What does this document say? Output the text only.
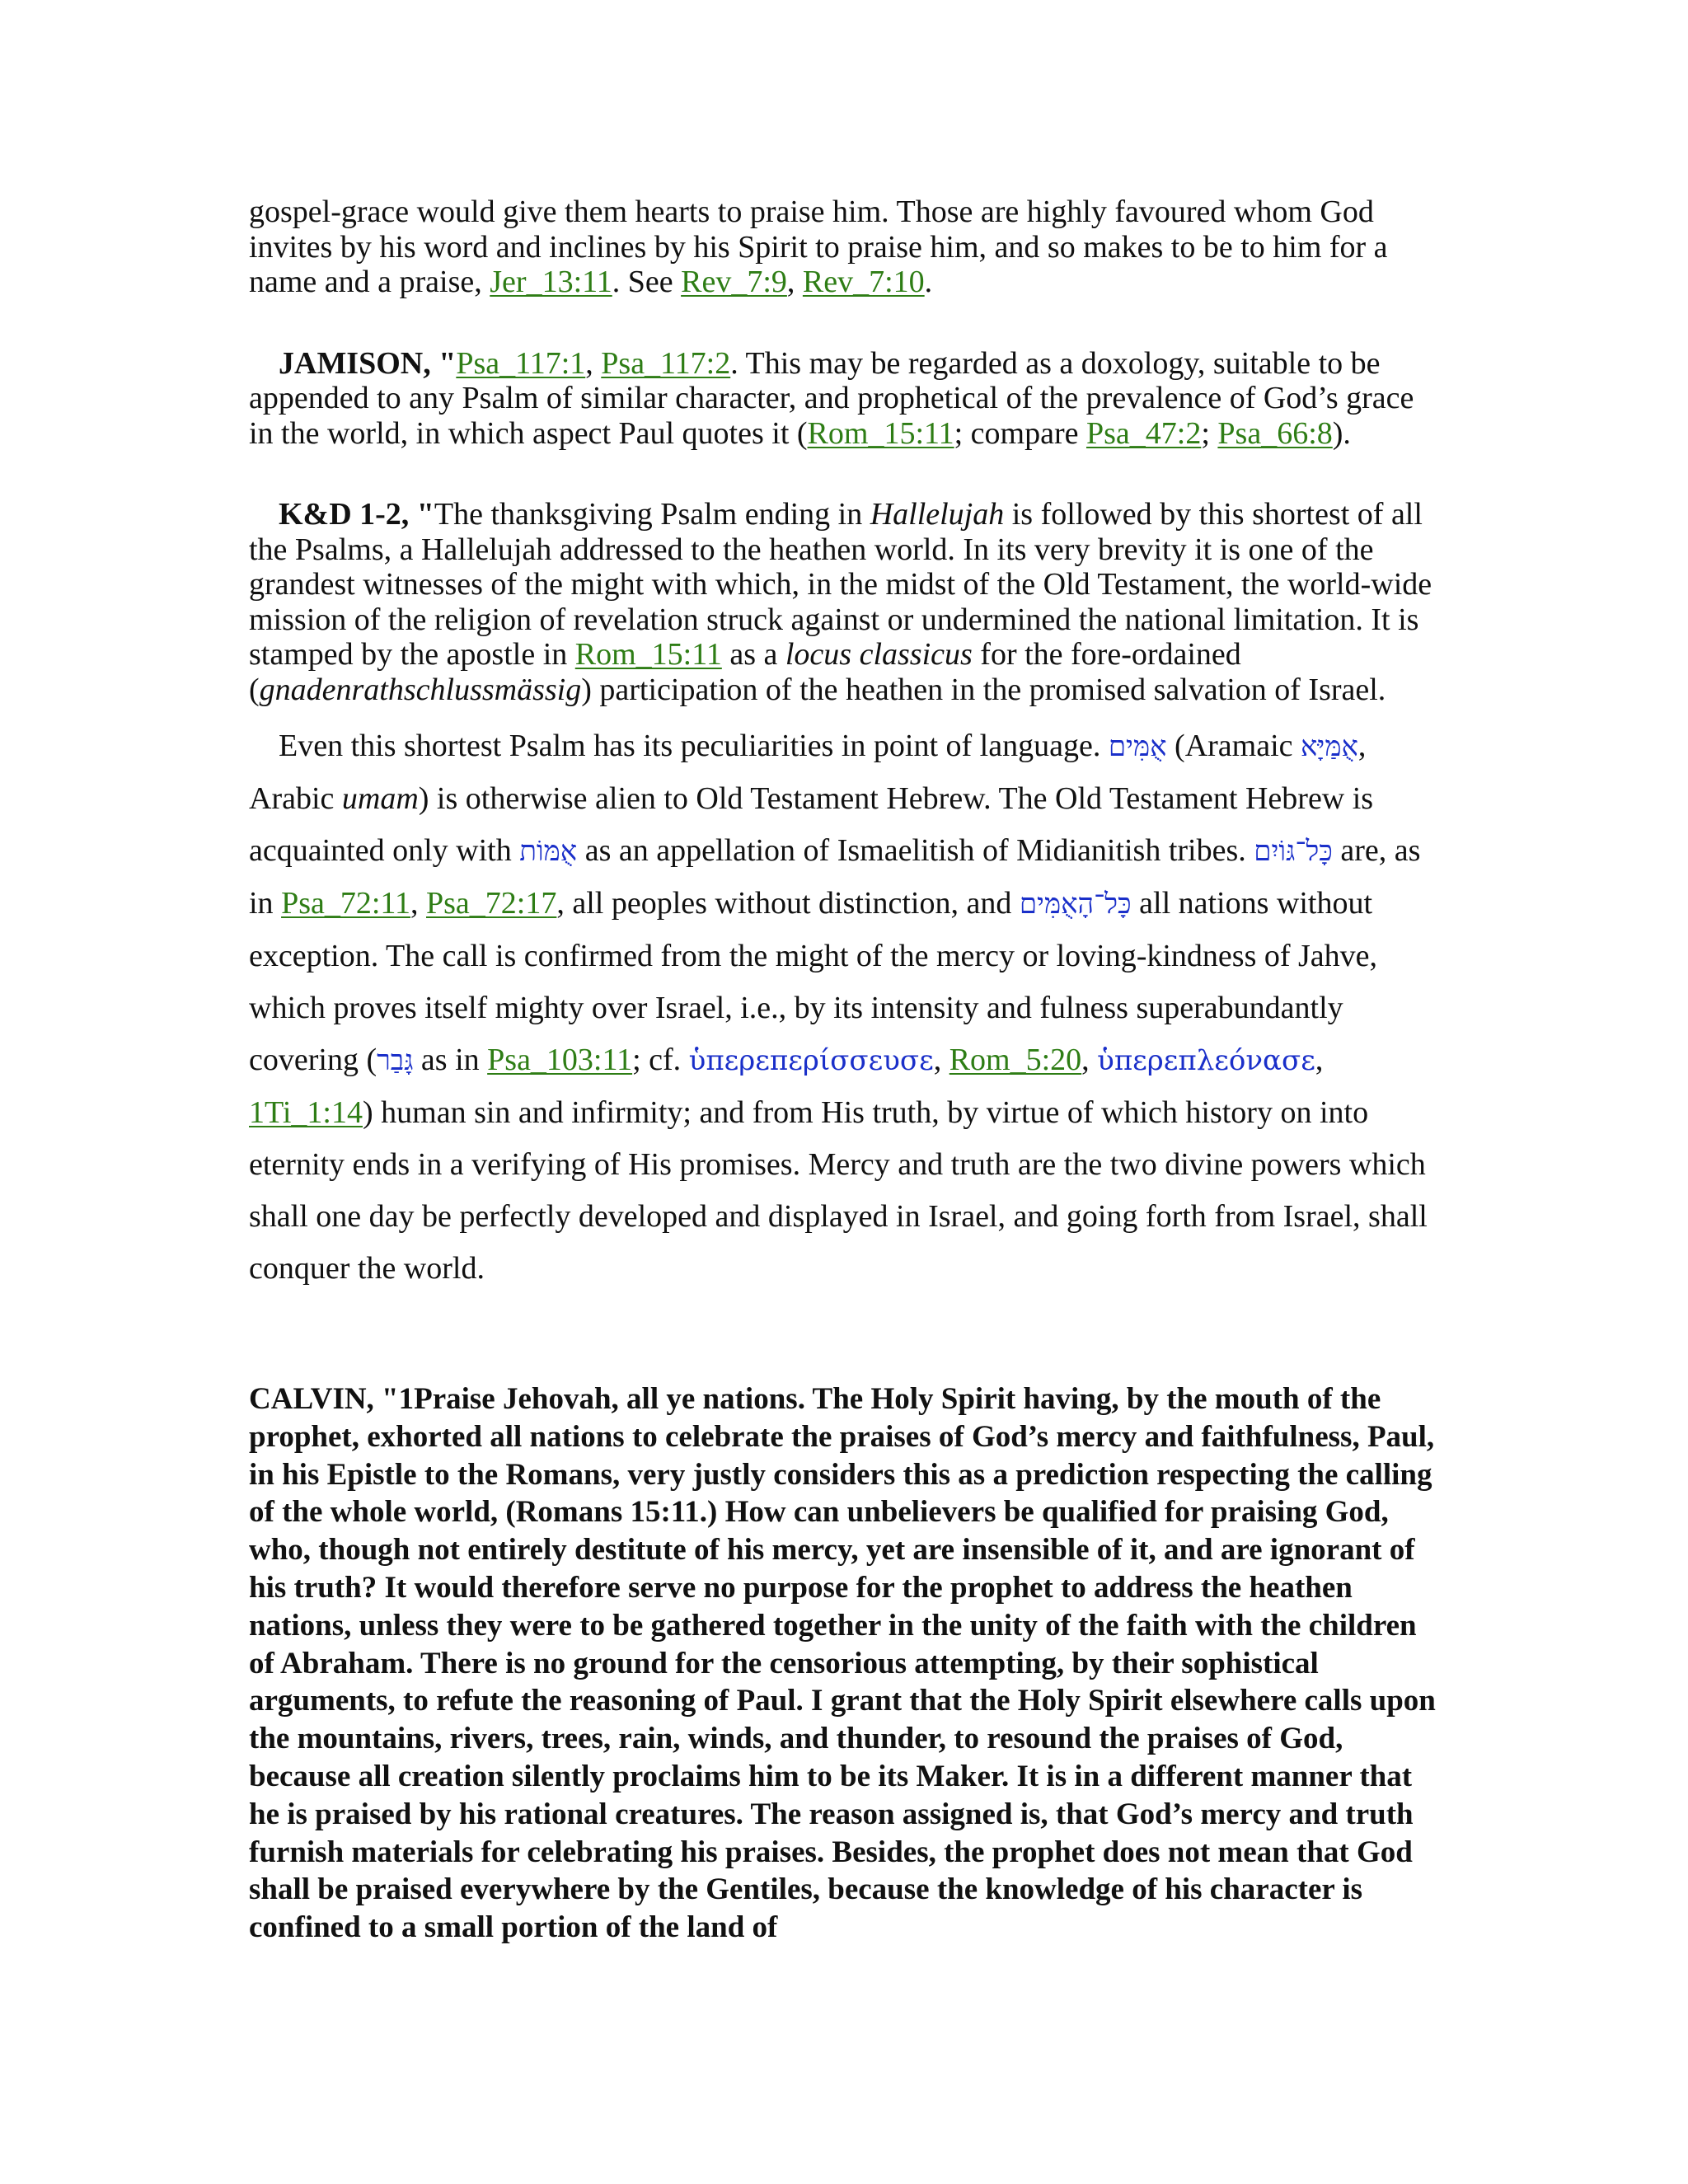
gospel-grace would give them hearts to praise him. Those are highly favoured whom God invites by his word and inclines by his Spirit to praise him, and so makes to be to him for a name and a praise, Jer_13:11. See Rev_7:9, Rev_7:10.

JAMISON, "Psa_117:1, Psa_117:2. This may be regarded as a doxology, suitable to be appended to any Psalm of similar character, and prophetical of the prevalence of God’s grace in the world, in which aspect Paul quotes it (Rom_15:11; compare Psa_47:2; Psa_66:8).

K&D 1-2, "The thanksgiving Psalm ending in Hallelujah is followed by this shortest of all the Psalms, a Hallelujah addressed to the heathen world. In its very brevity it is one of the grandest witnesses of the might with which, in the midst of the Old Testament, the world-wide mission of the religion of revelation struck against or undermined the national limitation. It is stamped by the apostle in Rom_15:11 as a locus classicus for the fore-ordained (gnadenrathschlussmässig) participation of the heathen in the promised salvation of Israel.

Even this shortest Psalm has its peculiarities in point of language. אֻמִּים (Aramaic אֻמַּיָּא, Arabic umam) is otherwise alien to Old Testament Hebrew. The Old Testament Hebrew is acquainted only with אֻמּוֹת as an appellation of Ismaelitish of Midianitish tribes. כָּל־גּוֹיִם are, as in Psa_72:11, Psa_72:17, all peoples without distinction, and כָּל־הָאֻמִּים all nations without exception. The call is confirmed from the might of the mercy or loving-kindness of Jahve, which proves itself mighty over Israel, i.e., by its intensity and fulness superabundantly covering (גָּבַר as in Psa_103:11; cf. ὑπερεπερίσσευσε, Rom_5:20, ὑπερεπλεόνασε, 1Ti_1:14) human sin and infirmity; and from His truth, by virtue of which history on into eternity ends in a verifying of His promises. Mercy and truth are the two divine powers which shall one day be perfectly developed and displayed in Israel, and going forth from Israel, shall conquer the world.

CALVIN, "1Praise Jehovah, all ye nations. The Holy Spirit having, by the mouth of the prophet, exhorted all nations to celebrate the praises of God’s mercy and faithfulness, Paul, in his Epistle to the Romans, very justly considers this as a prediction respecting the calling of the whole world, (Romans 15:11.) How can unbelievers be qualified for praising God, who, though not entirely destitute of his mercy, yet are insensible of it, and are ignorant of his truth? It would therefore serve no purpose for the prophet to address the heathen nations, unless they were to be gathered together in the unity of the faith with the children of Abraham. There is no ground for the censorious attempting, by their sophistical arguments, to refute the reasoning of Paul. I grant that the Holy Spirit elsewhere calls upon the mountains, rivers, trees, rain, winds, and thunder, to resound the praises of God, because all creation silently proclaims him to be its Maker. It is in a different manner that he is praised by his rational creatures. The reason assigned is, that God’s mercy and truth furnish materials for celebrating his praises. Besides, the prophet does not mean that God shall be praised everywhere by the Gentiles, because the knowledge of his character is confined to a small portion of the land of
